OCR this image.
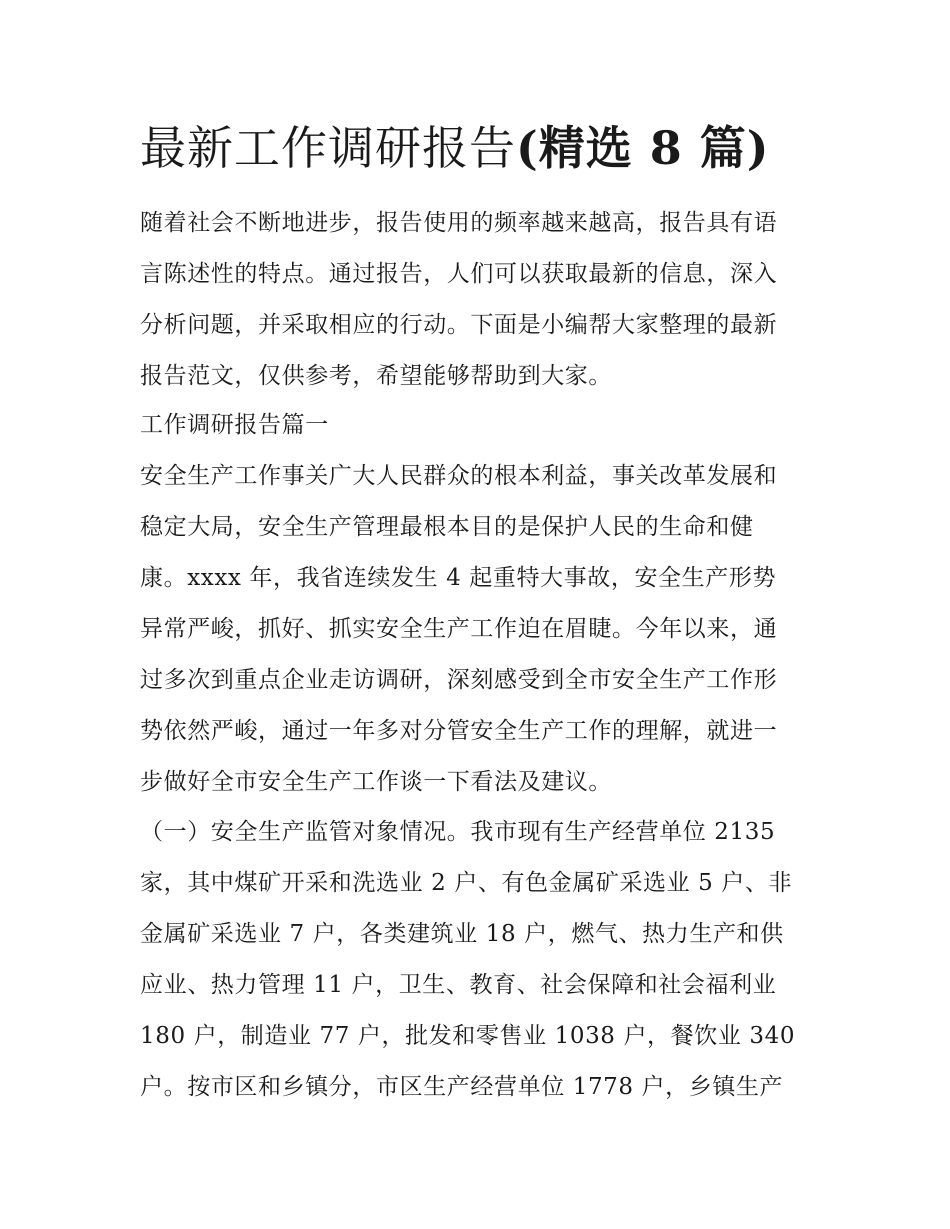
最新工作调研报告(精选 8 篇)

随着社会不断地进步，报告使用的频率越来越高，报告具有语

言陈述性的特点。通过报告，人们可以获取最新的信息，深入

分析问题，并采取相应的行动。下面是小编帮大家整理的最新

报告范文，仅供参考，希望能够帮助到大家。

工作调研报告篇一

安全生产工作事关广大人民群众的根本利益，事关改革发展和

稳定大局，安全生产管理最根本目的是保护人民的生命和健

康。xxxx 年，我省连续发生 4 起重特大事故，安全生产形势

异常严峻，抓好、抓实安全生产工作迫在眉睫。今年以来，通

过多次到重点企业走访调研，深刻感受到全市安全生产工作形

势依然严峻，通过一年多对分管安全生产工作的理解，就进一

步做好全市安全生产工作谈一下看法及建议。

（一）安全生产监管对象情况。我市现有生产经营单位 2135

家，其中煤矿开采和洗选业 2 户、有色金属矿采选业 5 户、非

金属矿采选业 7 户，各类建筑业 18 户，燃气、热力生产和供

应业、热力管理 11 户，卫生、教育、社会保障和社会福利业

180 户，制造业 77 户，批发和零售业 1038 户，餐饮业 340

户。按市区和乡镇分，市区生产经营单位 1778 户，乡镇生产
